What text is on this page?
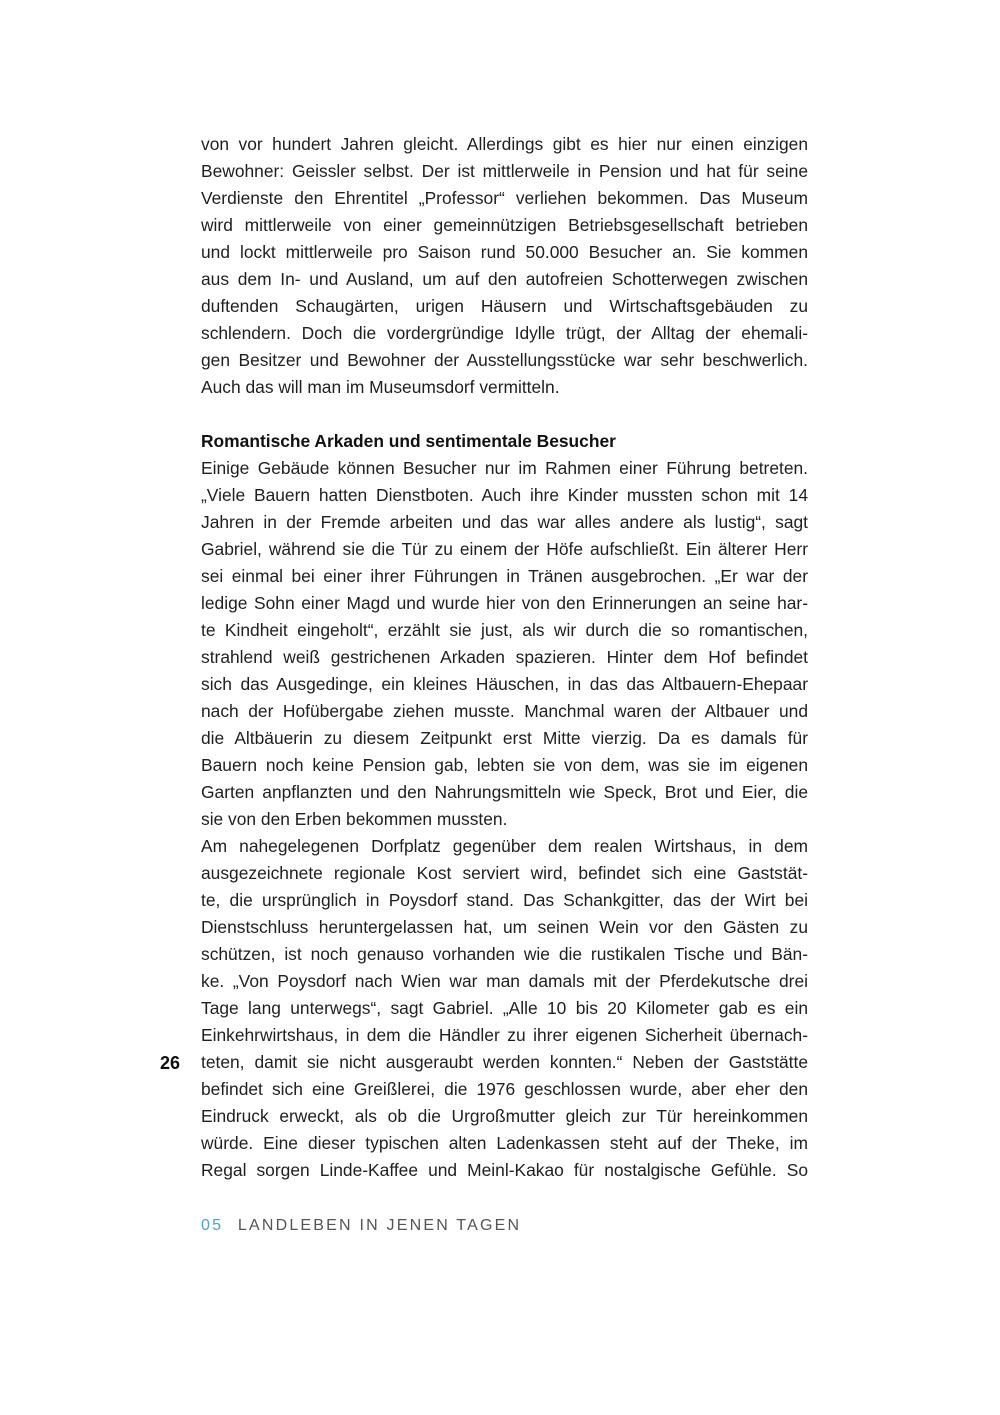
von vor hundert Jahren gleicht. Allerdings gibt es hier nur einen einzigen
Bewohner: Geissler selbst. Der ist mittlerweile in Pension und hat für seine
Verdienste den Ehrentitel „Professor“ verliehen bekommen. Das Museum
wird mittlerweile von einer gemeinnützigen Betriebsgesellschaft betrieben
und lockt mittlerweile pro Saison rund 50.000 Besucher an. Sie kommen
aus dem In- und Ausland, um auf den autofreien Schotterwegen zwischen
duftenden Schaugärten, urigen Häusern und Wirtschaftsgebäuden zu
schlendern. Doch die vordergründige Idylle trügt, der Alltag der ehemali-
gen Besitzer und Bewohner der Ausstellungsstücke war sehr beschwerlich.
Auch das will man im Museumsdorf vermitteln.
Romantische Arkaden und sentimentale Besucher
Einige Gebäude können Besucher nur im Rahmen einer Führung betreten.
„Viele Bauern hatten Dienstboten. Auch ihre Kinder mussten schon mit 14
Jahren in der Fremde arbeiten und das war alles andere als lustig“, sagt
Gabriel, während sie die Tür zu einem der Höfe aufschließt. Ein älterer Herr
sei einmal bei einer ihrer Führungen in Tränen ausgebrochen. „Er war der
ledige Sohn einer Magd und wurde hier von den Erinnerungen an seine har-
te Kindheit eingeholt“, erzählt sie just, als wir durch die so romantischen,
strahlend weiß gestrichenen Arkaden spazieren. Hinter dem Hof befindet
sich das Ausgedinge, ein kleines Häuschen, in das das Altbauern-Ehepaar
nach der Hofübergabe ziehen musste. Manchmal waren der Altbauer und
die Altbäuerin zu diesem Zeitpunkt erst Mitte vierzig. Da es damals für
Bauern noch keine Pension gab, lebten sie von dem, was sie im eigenen
Garten anpflanzten und den Nahrungsmitteln wie Speck, Brot und Eier, die
sie von den Erben bekommen mussten.
Am nahegelegenen Dorfplatz gegenüber dem realen Wirtshaus, in dem
ausgezeichnete regionale Kost serviert wird, befindet sich eine Gaststät-
te, die ursprünglich in Poysdorf stand. Das Schankgitter, das der Wirt bei
Dienstschluss heruntergelassen hat, um seinen Wein vor den Gästen zu
schützen, ist noch genauso vorhanden wie die rustikalen Tische und Bän-
ke. „Von Poysdorf nach Wien war man damals mit der Pferdekutsche drei
Tage lang unterwegs“, sagt Gabriel. „Alle 10 bis 20 Kilometer gab es ein
Einkehrwirtshaus, in dem die Händler zu ihrer eigenen Sicherheit übernach-
teten, damit sie nicht ausgeraubt werden konnten.“ Neben der Gaststätte
befindet sich eine Greißlerei, die 1976 geschlossen wurde, aber eher den
Eindruck erweckt, als ob die Urgroßmutter gleich zur Tür hereinkommen
würde. Eine dieser typischen alten Ladenkassen steht auf der Theke, im
Regal sorgen Linde-Kaffee und Meinl-Kakao für nostalgische Gefühle. So
26
05 LANDLEBEN IN JENEN TAGEN
